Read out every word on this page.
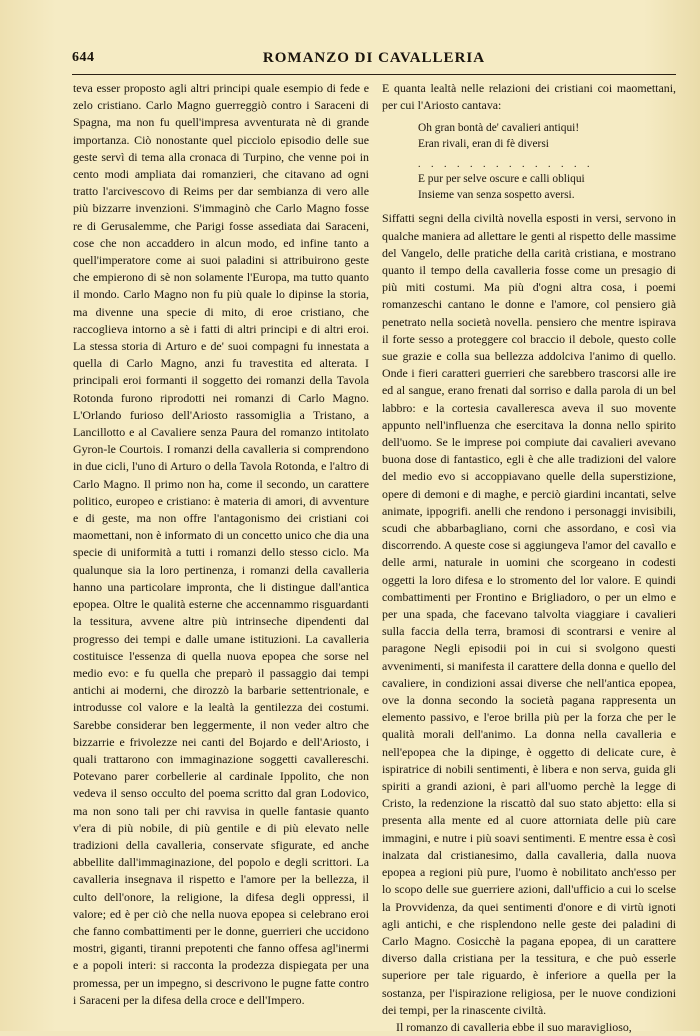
644	ROMANZO DI CAVALLERIA

teva esser proposto agli altri principi quale esempio di fede e zelo cristiano. Carlo Magno guerreggiò contro i Saraceni di Spagna, ma non fu quell'impresa avventurata nè di grande importanza. Ciò nonostante quel picciolo episodio delle sue geste servì di tema alla cronaca di Turpino, che venne poi in cento modi ampliata dai romanzieri, che citavano ad ogni tratto l'arcivescovo di Reims per dar sembianza di vero alle più bizzarre invenzioni. S'immaginò che Carlo Magno fosse re di Gerusalemme, che Parigi fosse assediata dai Saraceni, cose che non accaddero in alcun modo, ed infine tanto a quell'imperatore come ai suoi paladini si attribuirono geste che empierono di sè non solamente l'Europa, ma tutto quanto il mondo. Carlo Magno non fu più quale lo dipinse la storia, ma divenne una specie di mito, di eroe cristiano, che raccoglieva intorno a sè i fatti di altri principi e di altri eroi. La stessa storia di Arturo e de' suoi compagni fu innestata a quella di Carlo Magno, anzi fu travestita ed alterata. I principali eroi formanti il soggetto dei romanzi della Tavola Rotonda furono riprodotti nei romanzi di Carlo Magno. L'Orlando furioso dell'Ariosto rassomiglia a Tristano, a Lancillotto e al Cavaliere senza Paura del romanzo intitolato Gyron-le Courtois. I romanzi della cavalleria si comprendono in due cicli, l'uno di Arturo o della Tavola Rotonda, e l'altro di Carlo Magno. Il primo non ha, come il secondo, un carattere politico, europeo e cristiano: è materia di amori, di avventure e di geste, ma non offre l'antagonismo dei cristiani coi maomettani, non è informato di un concetto unico che dia una specie di uniformità a tutti i romanzi dello stesso ciclo. Ma qualunque sia la loro pertinenza, i romanzi della cavalleria hanno una particolare impronta, che li distingue dall'antica epopea. Oltre le qualità esterne che accennammo risguardanti la tessitura, avvene altre più intrinseche dipendenti dal progresso dei tempi e dalle umane istituzioni. La cavalleria costituisce l'essenza di quella nuova epopea che sorse nel medio evo: e fu quella che preparò il passaggio dai tempi antichi ai moderni, che dirozzò la barbarie settentrionale, e introdusse col valore e la lealtà la gentilezza dei costumi. Sarebbe considerar ben leggermente, il non veder altro che bizzarrie e frivolezze nei canti del Bojardo e dell'Ariosto, i quali trattarono con immaginazione soggetti cavallereschi. Potevano parer corbellerie al cardinale Ippolito, che non vedeva il senso occulto del poema scritto dal gran Lodovico, ma non sono tali per chi ravvisa in quelle fantasie quanto v'era di più nobile, di più gentile e di più elevato nelle tradizioni della cavalleria, conservate sfigurate, ed anche abbellite dall'immaginazione, del popolo e degli scrittori. La cavalleria insegnava il rispetto e l'amore per la bellezza, il culto dell'onore, la religione, la difesa degli oppressi, il valore; ed è per ciò che nella nuova epopea si celebrano eroi che fanno combattimenti per le donne, guerrieri che uccidono mostri, giganti, tiranni prepotenti che fanno offesa agl'inermi e a popoli interi: si racconta la prodezza dispiegata per una promessa, per un impegno, si descrivono le pugne fatte contro i Saraceni per la difesa della croce e dell'Impero.

E quanta lealtà nelle relazioni dei cristiani coi maomettani, per cui l'Ariosto cantava:

Oh gran bontà de' cavalieri antiqui!
Eran rivali, eran di fè diversi
. . . . . . . . . . . . . .
E pur per selve oscure e calli obliqui
Insieme van senza sospetto aversi.

Siffatti segni della civiltà novella esposti in versi, servono in qualche maniera ad allettare le genti al rispetto delle massime del Vangelo, delle pratiche della carità cristiana, e mostrano quanto il tempo della cavalleria fosse come un presagio di più miti costumi. Ma più d'ogni altra cosa, i poemi romanzeschi cantano le donne e l'amore, col pensiero già penetrato nella società novella. pensiero che mentre ispirava il forte sesso a proteggere col braccio il debole, questo colle sue grazie e colla sua bellezza addolciva l'animo di quello. Onde i fieri caratteri guerrieri che sarebbero trascorsi alle ire ed al sangue, erano frenati dal sorriso e dalla parola di un bel labbro: e la cortesia cavalleresca aveva il suo movente appunto nell'influenza che esercitava la donna nello spirito dell'uomo. Se le imprese poi compiute dai cavalieri avevano buona dose di fantastico, egli è che alle tradizioni del valore del medio evo si accoppiavano quelle della superstizione, opere di demoni e di maghe, e perciò giardini incantati, selve animate, ippogrifi. anelli che rendono i personaggi invisibili, scudi che abbarbagliano, corni che assordano, e così via discorrendo. A queste cose si aggiungeva l'amor del cavallo e delle armi, naturale in uomini che scorgeano in codesti oggetti la loro difesa e lo stromento del lor valore. E quindi combattimenti per Frontino e Brigliadoro, o per un elmo e per una spada, che facevano talvolta viaggiare i cavalieri sulla faccia della terra, bramosi di scontrarsi e venire al paragone Negli episodii poi in cui si svolgono questi avvenimenti, si manifesta il carattere della donna e quello del cavaliere, in condizioni assai diverse che nell'antica epopea, ove la donna secondo la società pagana rappresenta un elemento passivo, e l'eroe brilla più per la forza che per le qualità morali dell'animo. La donna nella cavalleria e nell'epopea che la dipinge, è oggetto di delicate cure, è ispiratrice di nobili sentimenti, è libera e non serva, guida gli spiriti a grandi azioni, è pari all'uomo perchè la legge di Cristo, la redenzione la riscattò dal suo stato abjetto: ella si presenta alla mente ed al cuore attorniata delle più care immagini, e nutre i più soavi sentimenti. E mentre essa è così inalzata dal cristianesimo, dalla cavalleria, dalla nuova epopea a regioni più pure, l'uomo è nobilitato anch'esso per lo scopo delle sue guerriere azioni, dall'ufficio a cui lo scelse la Provvidenza, da quei sentimenti d'onore e di virtù ignoti agli antichi, e che risplendono nelle geste dei paladini di Carlo Magno. Cosicchè la pagana epopea, di un carattere diverso dalla cristiana per la tessitura, e che può esserle superiore per tale riguardo, è inferiore a quella per la sostanza, per l'ispirazione religiosa, per le nuove condizioni dei tempi, per la rinascente civiltà.

Il romanzo di cavalleria ebbe il suo maraviglioso,
